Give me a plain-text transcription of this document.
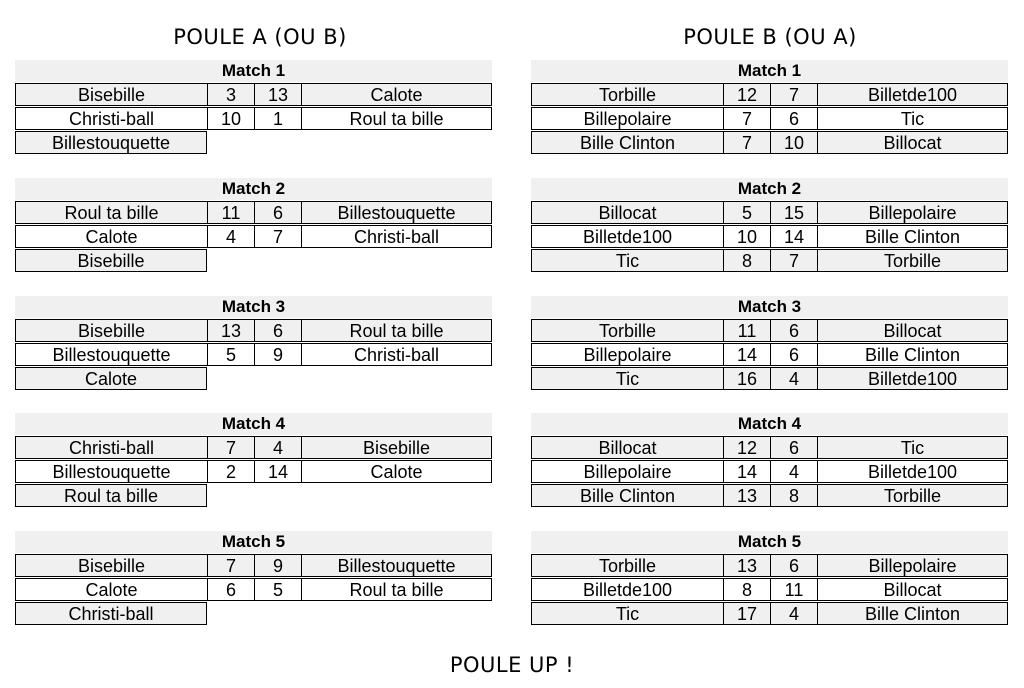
POULE A (OU B)	POULE B (OU A)
Match 1
Bisebille	3	13	Calote
Christi-ball	10	1	Roul ta bille
Billestouquette
Match 2
Roul ta bille	11	6	Billestouquette
Calote	4	7	Christi-ball
Bisebille
Match 3
Bisebille	13	6	Roul ta bille
Billestouquette	5	9	Christi-ball
Calote
Match 4
Christi-ball	7	4	Bisebille
Billestouquette	2	14	Calote
Roul ta bille
Match 5
Bisebille	7	9	Billestouquette
Calote	6	5	Roul ta bille
Christi-ball
Match 1
Torbille	12	7	Billetde100
Billepolaire	7	6	Tic
Bille Clinton	7	10	Billocat
Match 2
Billocat	5	15	Billepolaire
Billetde100	10	14	Bille Clinton
Tic	8	7	Torbille
Match 3
Torbille	11	6	Billocat
Billepolaire	14	6	Bille Clinton
Tic	16	4	Billetde100
Match 4
Billocat	12	6	Tic
Billepolaire	14	4	Billetde100
Bille Clinton	13	8	Torbille
Match 5
Torbille	13	6	Billepolaire
Billetde100	8	11	Billocat
Tic	17	4	Bille Clinton
POULE UP !
